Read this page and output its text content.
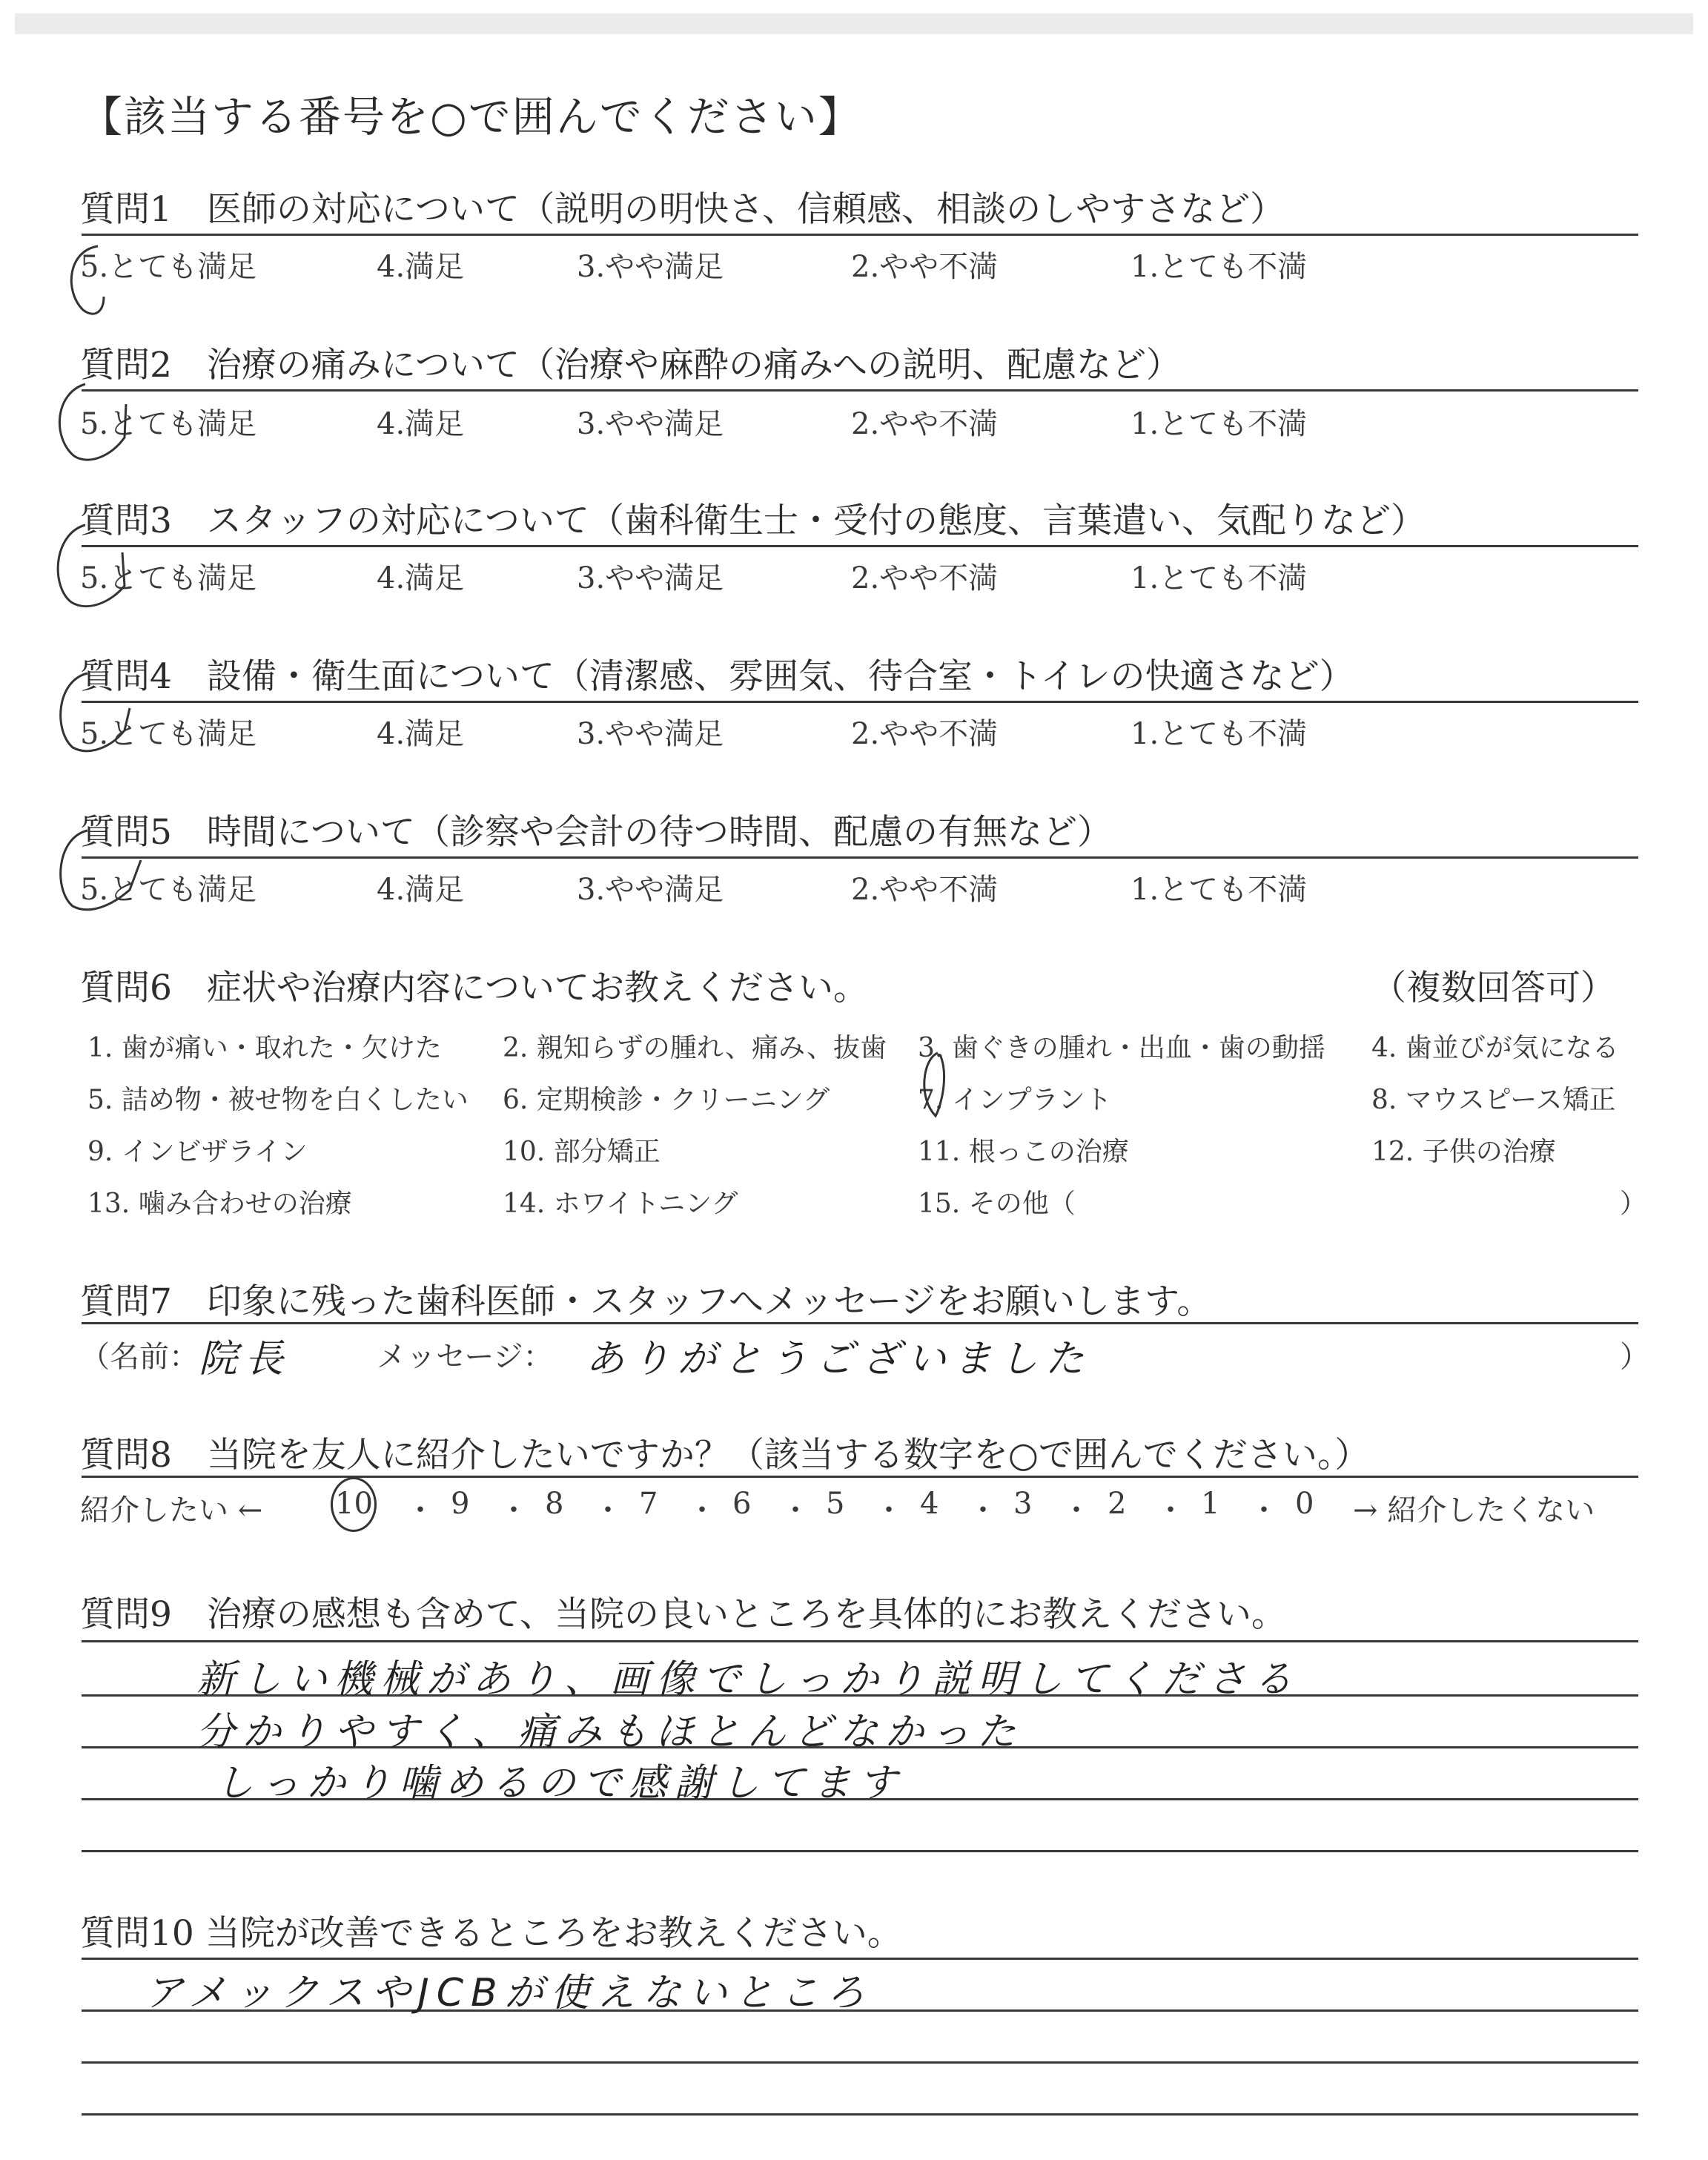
【該当する番号を○で囲んでください】
質問1　医師の対応について（説明の明快さ、信頼感、相談のしやすさなど）
5.とても満足	4.満足	3.やや満足	2.やや不満	1.とても不満
質問2　治療の痛みについて（治療や麻酔の痛みへの説明、配慮など）
5.とても満足	4.満足	3.やや満足	2.やや不満	1.とても不満
質問3　スタッフの対応について（歯科衛生士・受付の態度、言葉遣い、気配りなど）
5.とても満足	4.満足	3.やや満足	2.やや不満	1.とても不満
質問4　設備・衛生面について（清潔感、雰囲気、待合室・トイレの快適さなど）
5.とても満足	4.満足	3.やや満足	2.やや不満	1.とても不満
質問5　時間について（診察や会計の待つ時間、配慮の有無など）
5.とても満足	4.満足	3.やや満足	2.やや不満	1.とても不満
質問6　症状や治療内容についてお教えください。	（複数回答可）
1. 歯が痛い・取れた・欠けた 2. 親知らずの腫れ、痛み、抜歯 3. 歯ぐきの腫れ・出血・歯の動揺 4. 歯並びが気になる
5. 詰め物・被せ物を白くしたい 6. 定期検診・クリーニング	7. インプラント	8. マウスピース矯正
9. インビザライン	10. 部分矯正	11. 根っこの治療	12. 子供の治療
13. 噛み合わせの治療	14. ホワイトニング	15. その他（	）
質問7　印象に残った歯科医師・スタッフへメッセージをお願いします。
（名前： 院長	メッセージ： ありがとうございました	）
質問8　当院を友人に紹介したいですか？（該当する数字を○で囲んでください。）
紹介したい ←	→ 紹介したくない
10 ・ 9 ・ 8 ・ 7 ・ 6 ・ 5 ・ 4 ・ 3 ・ 2 ・ 1 ・ 0
質問9　治療の感想も含めて、当院の良いところを具体的にお教えください。
新しい機械があり、画像でしっかり説明してくださる
分かりやすく、痛みもほとんどなかった
しっかり噛めるので感謝してます
質問10 当院が改善できるところをお教えください。
アメックスやJCBが使えないところ
